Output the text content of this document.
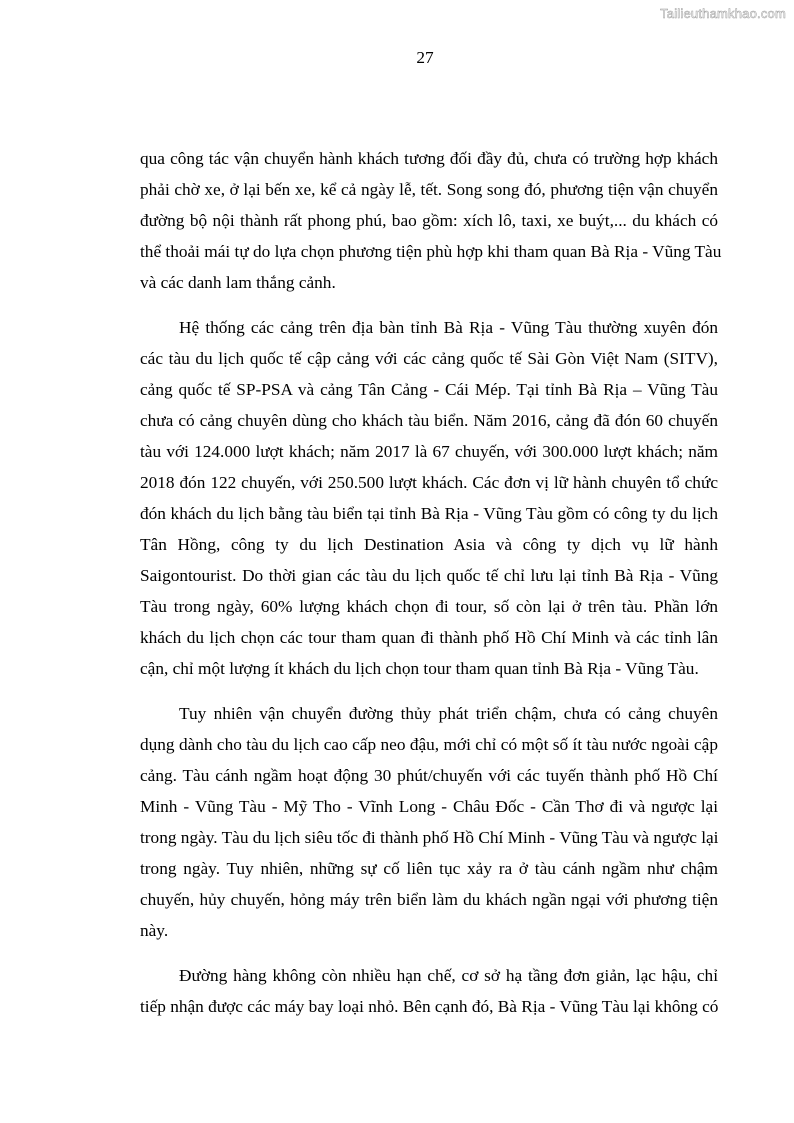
Tailieuthamkhao.com
27
qua công tác vận chuyển hành khách tương đối đầy đủ, chưa có trường hợp khách
phải chờ xe, ở lại bến xe, kể cả ngày lễ, tết. Song song đó, phương tiện vận chuyển
đường bộ nội thành rất phong phú, bao gồm: xích lô, taxi, xe buýt,... du khách có
thể thoải mái tự do lựa chọn phương tiện phù hợp khi tham quan Bà Rịa - Vũng Tàu
và các danh lam thắng cảnh.
Hệ thống các cảng trên địa bàn tỉnh Bà Rịa - Vũng Tàu thường xuyên đón
các tàu du lịch quốc tế cập cảng với các cảng quốc tế Sài Gòn Việt Nam (SITV),
cảng quốc tế SP-PSA và cảng Tân Cảng - Cái Mép. Tại tỉnh Bà Rịa – Vũng Tàu
chưa có cảng chuyên dùng cho khách tàu biển. Năm 2016, cảng đã đón 60 chuyến
tàu với 124.000 lượt khách; năm 2017 là 67 chuyến, với 300.000 lượt khách; năm
2018 đón 122 chuyến, với 250.500 lượt khách. Các đơn vị lữ hành chuyên tổ chức
đón khách du lịch bằng tàu biển tại tỉnh Bà Rịa - Vũng Tàu gồm có công ty du lịch
Tân Hồng, công ty du lịch Destination Asia và công ty dịch vụ lữ hành
Saigontourist. Do thời gian các tàu du lịch quốc tế chỉ lưu lại tỉnh Bà Rịa - Vũng
Tàu trong ngày, 60% lượng khách chọn đi tour, số còn lại ở trên tàu. Phần lớn
khách du lịch chọn các tour tham quan đi thành phố Hồ Chí Minh và các tỉnh lân
cận, chỉ một lượng ít khách du lịch chọn tour tham quan tỉnh Bà Rịa - Vũng Tàu.
Tuy nhiên vận chuyển đường thủy phát triển chậm, chưa có cảng chuyên
dụng dành cho tàu du lịch cao cấp neo đậu, mới chỉ có một số ít tàu nước ngoài cập
cảng. Tàu cánh ngầm hoạt động 30 phút/chuyến với các tuyến thành phố Hồ Chí
Minh - Vũng Tàu - Mỹ Tho - Vĩnh Long - Châu Đốc - Cần Thơ đi và ngược lại
trong ngày. Tàu du lịch siêu tốc đi thành phố Hồ Chí Minh - Vũng Tàu và ngược lại
trong ngày. Tuy nhiên, những sự cố liên tục xảy ra ở tàu cánh ngầm như chậm
chuyến, hủy chuyến, hỏng máy trên biển làm du khách ngần ngại với phương tiện
này.
Đường hàng không còn nhiều hạn chế, cơ sở hạ tầng đơn giản, lạc hậu, chỉ
tiếp nhận được các máy bay loại nhỏ. Bên cạnh đó, Bà Rịa - Vũng Tàu lại không có
